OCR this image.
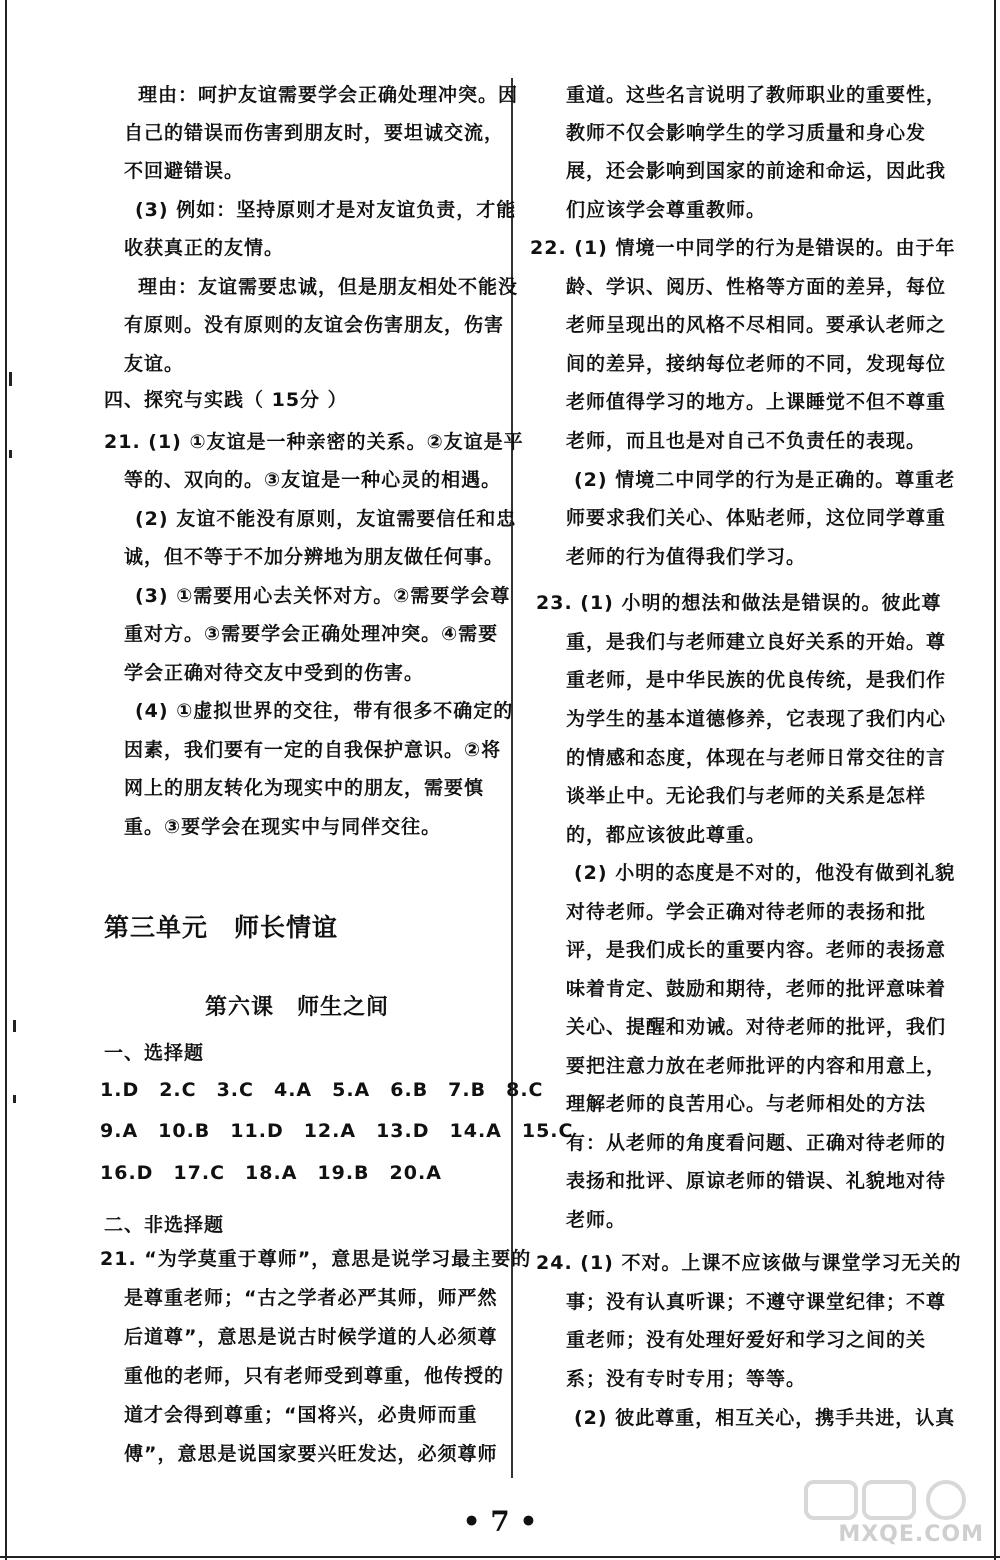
理由：呵护友谊需要学会正确处理冲突。因
自己的错误而伤害到朋友时，要坦诚交流，
不回避错误。
(3) 例如：坚持原则才是对友谊负责，才能
收获真正的友情。
理由：友谊需要忠诚，但是朋友相处不能没
有原则。没有原则的友谊会伤害朋友，伤害
友谊。
四、探究与实践（ 15分 ）
21. (1) ①友谊是一种亲密的关系。②友谊是平
等的、双向的。③友谊是一种心灵的相遇。
(2) 友谊不能没有原则，友谊需要信任和忠
诚，但不等于不加分辨地为朋友做任何事。
(3) ①需要用心去关怀对方。②需要学会尊
重对方。③需要学会正确处理冲突。④需要
学会正确对待交友中受到的伤害。
(4) ①虚拟世界的交往，带有很多不确定的
因素，我们要有一定的自我保护意识。②将
网上的朋友转化为现实中的朋友，需要慎
重。③要学会在现实中与同伴交往。
第三单元　师长情谊
第六课　师生之间
一、选择题
1.D　2.C　3.C　4.A　5.A　6.B　7.B　8.C
9.A　10.B　11.D　12.A　13.D　14.A　15.C
16.D　17.C　18.A　19.B　20.A
二、非选择题
21. “为学莫重于尊师”，意思是说学习最主要的
是尊重老师；“古之学者必严其师，师严然
后道尊”，意思是说古时候学道的人必须尊
重他的老师，只有老师受到尊重，他传授的
道才会得到尊重；“国将兴，必贵师而重
傅”，意思是说国家要兴旺发达，必须尊师
重道。这些名言说明了教师职业的重要性，
教师不仅会影响学生的学习质量和身心发
展，还会影响到国家的前途和命运，因此我
们应该学会尊重教师。
22. (1) 情境一中同学的行为是错误的。由于年
龄、学识、阅历、性格等方面的差异，每位
老师呈现出的风格不尽相同。要承认老师之
间的差异，接纳每位老师的不同，发现每位
老师值得学习的地方。上课睡觉不但不尊重
老师，而且也是对自己不负责任的表现。
(2) 情境二中同学的行为是正确的。尊重老
师要求我们关心、体贴老师，这位同学尊重
老师的行为值得我们学习。
23. (1) 小明的想法和做法是错误的。彼此尊
重，是我们与老师建立良好关系的开始。尊
重老师，是中华民族的优良传统，是我们作
为学生的基本道德修养，它表现了我们内心
的情感和态度，体现在与老师日常交往的言
谈举止中。无论我们与老师的关系是怎样
的，都应该彼此尊重。
(2) 小明的态度是不对的，他没有做到礼貌
对待老师。学会正确对待老师的表扬和批
评，是我们成长的重要内容。老师的表扬意
味着肯定、鼓励和期待，老师的批评意味着
关心、提醒和劝诫。对待老师的批评，我们
要把注意力放在老师批评的内容和用意上，
理解老师的良苦用心。与老师相处的方法
有：从老师的角度看问题、正确对待老师的
表扬和批评、原谅老师的错误、礼貌地对待
老师。
24. (1) 不对。上课不应该做与课堂学习无关的
事；没有认真听课；不遵守课堂纪律；不尊
重老师；没有处理好爱好和学习之间的关
系；没有专时专用；等等。
(2) 彼此尊重，相互关心，携手共进，认真
• 7 •	MXQE.COM
